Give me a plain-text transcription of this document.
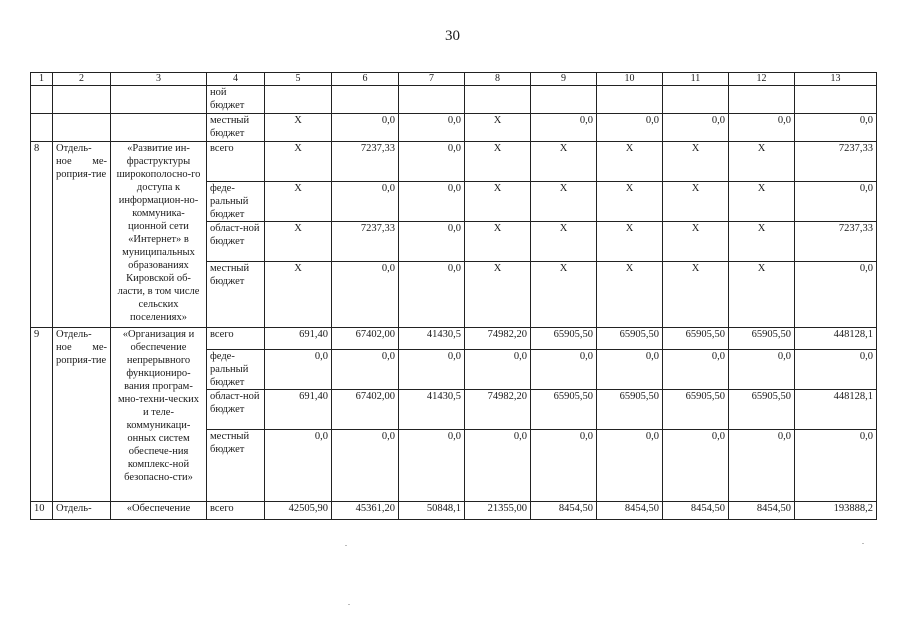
30
1	2	3	4	5	6	7	8	9	10	11	12	13
			ной бюджет									
			местный бюджет	X	0,0	0,0	X	0,0	0,0	0,0	0,0	0,0
8	Отдель-ное ме-роприя-тие	«Развитие ин-фраструктуры широкополосно-го доступа к информацион-но-коммуника-ционной сети «Интернет» в муниципальных образованиях Кировской об-ласти, в том числе сельских поселениях»	всего	X	7237,33	0,0	X	X	X	X	X	7237,33
			феде-ральный бюджет	X	0,0	0,0	X	X	X	X	X	0,0
			област-ной бюджет	X	7237,33	0,0	X	X	X	X	X	7237,33
			местный бюджет	X	0,0	0,0	X	X	X	X	X	0,0
9	Отдель-ное ме-роприя-тие	«Организация и обеспечение непрерывного функциониро-вания програм-мно-техни-ческих и теле-коммуникаци-онных систем обеспече-ния комплекс-ной безопасно-сти»	всего	691,40	67402,00	41430,5	74982,20	65905,50	65905,50	65905,50	65905,50	448128,1
			феде-ральный бюджет	0,0	0,0	0,0	0,0	0,0	0,0	0,0	0,0	0,0
			област-ной бюджет	691,40	67402,00	41430,5	74982,20	65905,50	65905,50	65905,50	65905,50	448128,1
			местный бюджет	0,0	0,0	0,0	0,0	0,0	0,0	0,0	0,0	0,0
10	Отдель-	«Обеспечение	всего	42505,90	45361,20	50848,1	21355,00	8454,50	8454,50	8454,50	8454,50	193888,2
